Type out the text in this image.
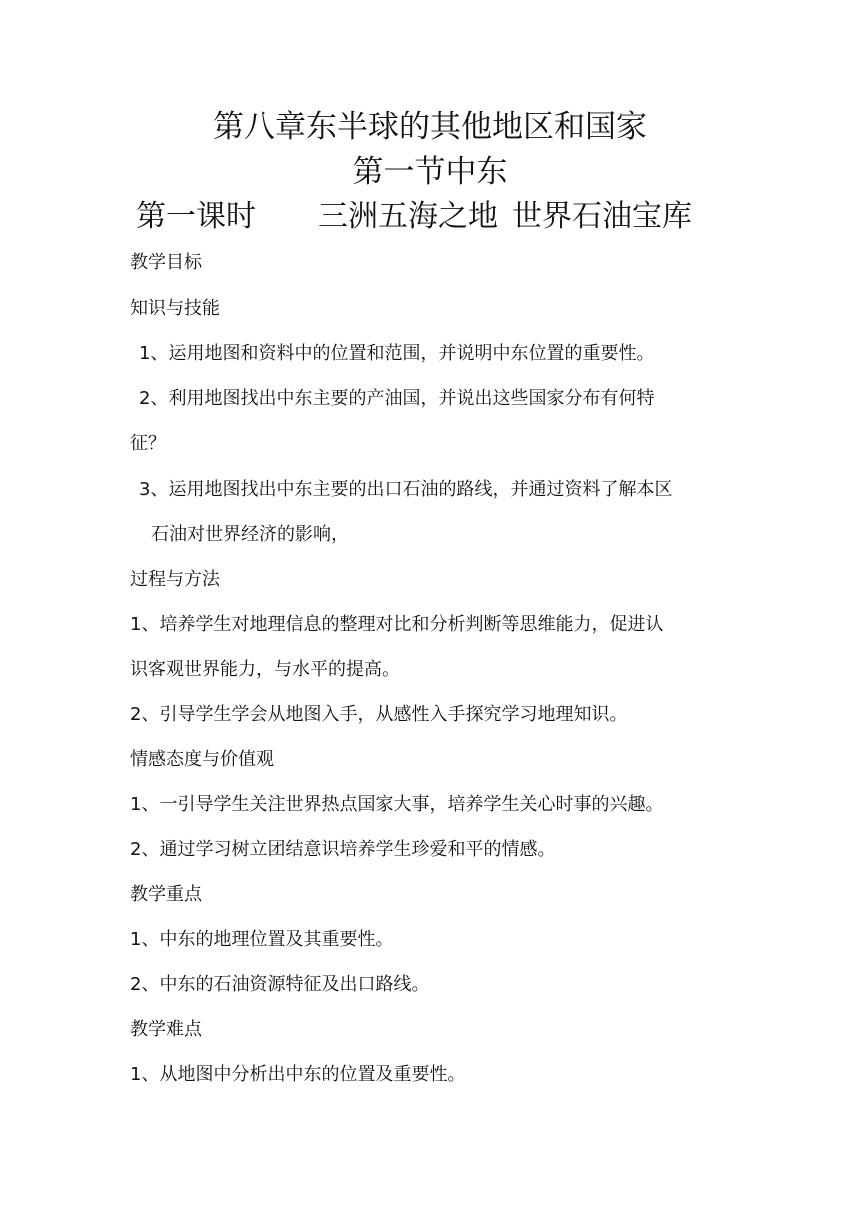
第八章东半球的其他地区和国家
第一节中东
第一课时 三洲五海之地 世界石油宝库
教学目标
知识与技能
1、运用地图和资料中的位置和范围，并说明中东位置的重要性。
2、利用地图找出中东主要的产油国，并说出这些国家分布有何特
征？
3、运用地图找出中东主要的出口石油的路线，并通过资料了解本区
石油对世界经济的影响，
过程与方法
1、培养学生对地理信息的整理对比和分析判断等思维能力，促进认
识客观世界能力，与水平的提高。
2、引导学生学会从地图入手，从感性入手探究学习地理知识。
情感态度与价值观
1、一引导学生关注世界热点国家大事，培养学生关心时事的兴趣。
2、通过学习树立团结意识培养学生珍爱和平的情感。
教学重点
1、中东的地理位置及其重要性。
2、中东的石油资源特征及出口路线。
教学难点
1、从地图中分析出中东的位置及重要性。
